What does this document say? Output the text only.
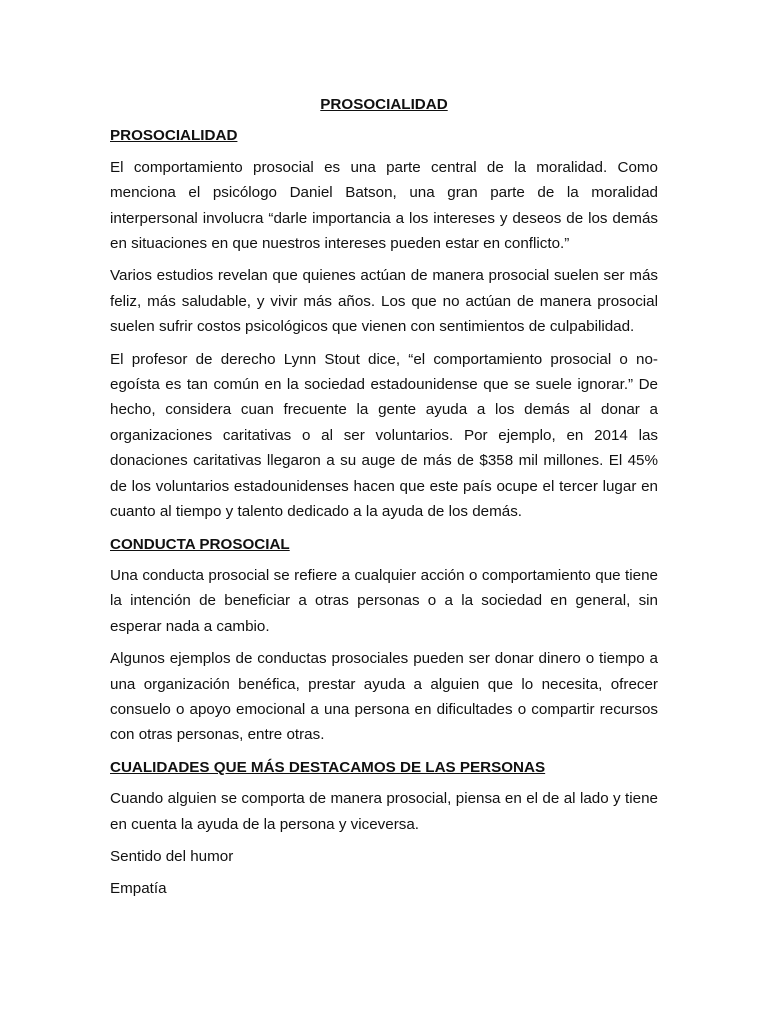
PROSOCIALIDAD

PROSOCIALIDAD

El comportamiento prosocial es una parte central de la moralidad. Como menciona el psicólogo Daniel Batson, una gran parte de la moralidad interpersonal involucra “darle importancia a los intereses y deseos de los demás en situaciones en que nuestros intereses pueden estar en conflicto.”

Varios estudios revelan que quienes actúan de manera prosocial suelen ser más feliz, más saludable, y vivir más años. Los que no actúan de manera prosocial suelen sufrir costos psicológicos que vienen con sentimientos de culpabilidad.

El profesor de derecho Lynn Stout dice, “el comportamiento prosocial o no-egoísta es tan común en la sociedad estadounidense que se suele ignorar.” De hecho, considera cuan frecuente la gente ayuda a los demás al donar a organizaciones caritativas o al ser voluntarios. Por ejemplo, en 2014 las donaciones caritativas llegaron a su auge de más de $358 mil millones. El 45% de los voluntarios estadounidenses hacen que este país ocupe el tercer lugar en cuanto al tiempo y talento dedicado a la ayuda de los demás.

CONDUCTA PROSOCIAL

Una conducta prosocial se refiere a cualquier acción o comportamiento que tiene la intención de beneficiar a otras personas o a la sociedad en general, sin esperar nada a cambio.

Algunos ejemplos de conductas prosociales pueden ser donar dinero o tiempo a una organización benéfica, prestar ayuda a alguien que lo necesita, ofrecer consuelo o apoyo emocional a una persona en dificultades o compartir recursos con otras personas, entre otras.

CUALIDADES QUE MÁS DESTACAMOS DE LAS PERSONAS

Cuando alguien se comporta de manera prosocial, piensa en el de al lado y tiene en cuenta la ayuda de la persona y viceversa.

Sentido del humor

Empatía
